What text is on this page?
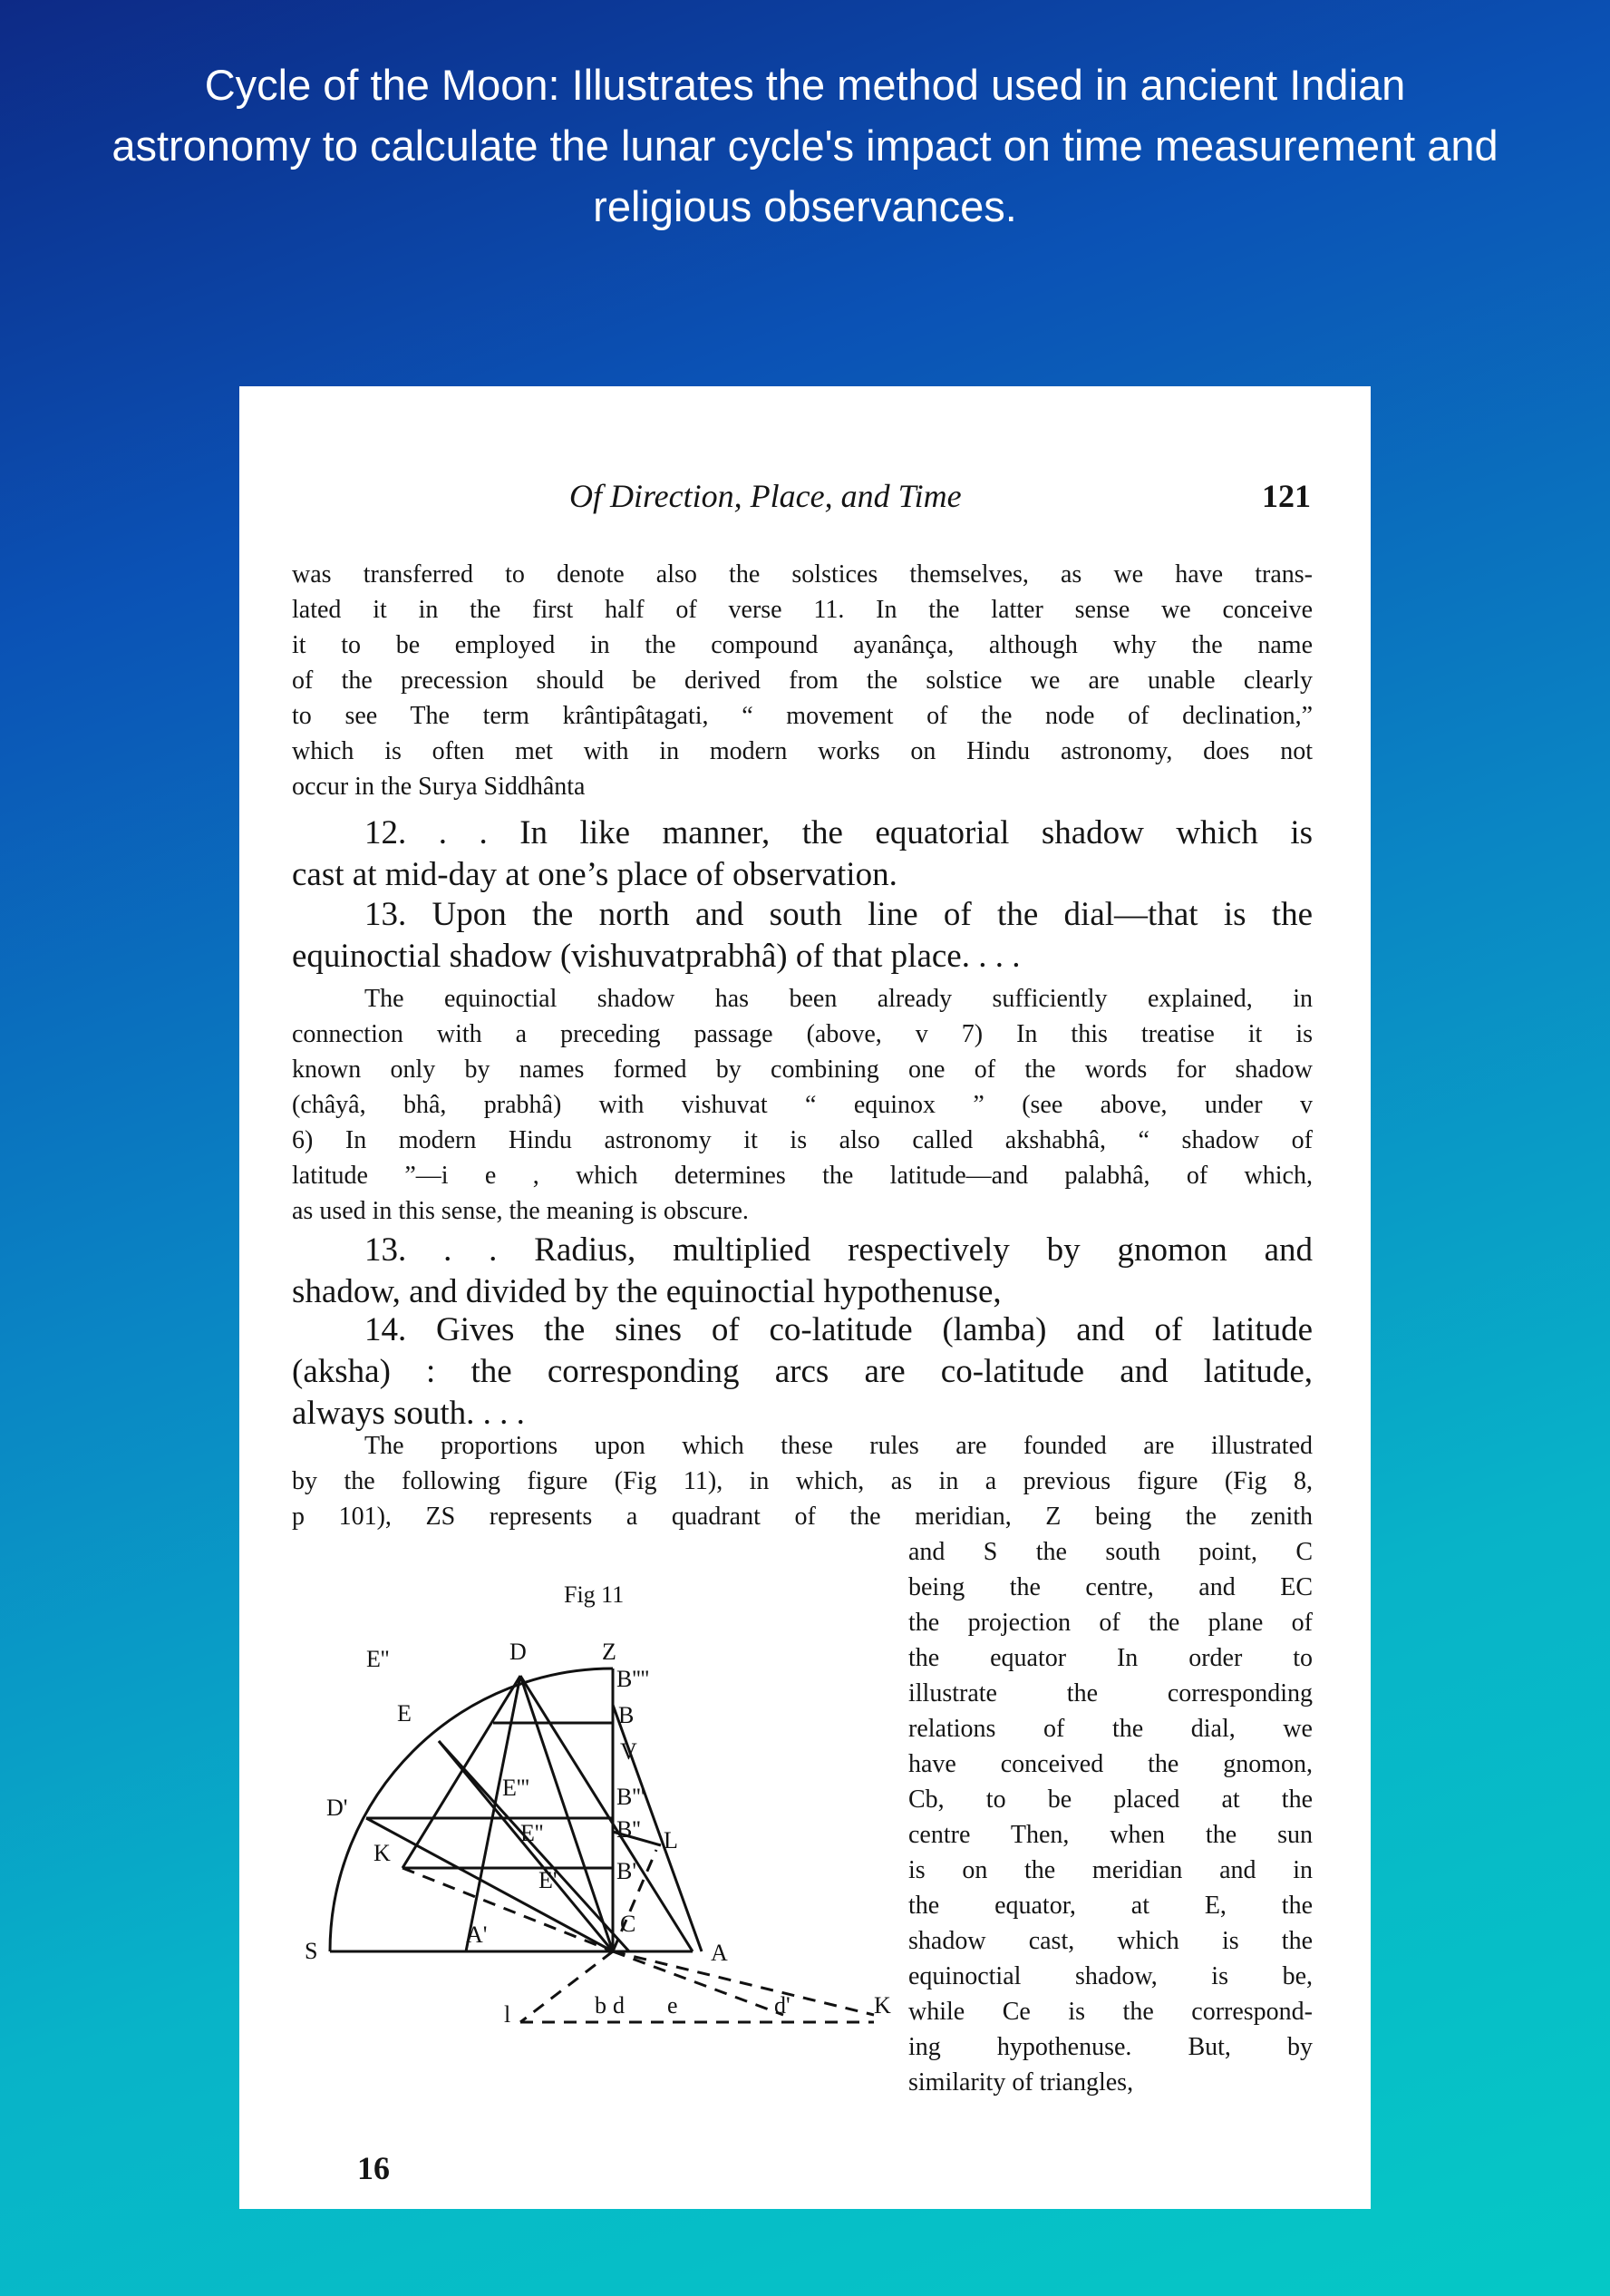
Cycle of the Moon: Illustrates the method used in ancient Indian astronomy to calculate the lunar cycle's impact on time measurement and religious observances.
Of Direction, Place, and Time	121
was transferred to denote also the solstices themselves, as we have trans-
lated it in the first half of verse 11. In the latter sense we conceive
it to be employed in the compound ayanânça, although why the name
of the precession should be derived from the solstice we are unable clearly
to see The term krântipâtagati, “ movement of the node of declination,”
which is often met with in modern works on Hindu astronomy, does not
occur in the Surya Siddhânta
12. . . In like manner, the equatorial shadow which is
cast at mid-day at one’s place of observation.
13. Upon the north and south line of the dial—that is the
equinoctial shadow (vishuvatprabhâ) of that place. . . .
The equinoctial shadow has been already sufficiently explained, in
connection with a preceding passage (above, v 7) In this treatise it is
known only by names formed by combining one of the words for shadow
(châyâ, bhâ, prabhâ) with vishuvat “ equinox ” (see above, under v
6) In modern Hindu astronomy it is also called akshabhâ, “ shadow of
latitude ”—i e , which determines the latitude—and palabhâ, of which,
as used in this sense, the meaning is obscure.
13. . . Radius, multiplied respectively by gnomon and
shadow, and divided by the equinoctial hypothenuse,
14. Gives the sines of co-latitude (lamba) and of latitude
(aksha) : the corresponding arcs are co-latitude and latitude,
always south. . . .
The proportions upon which these rules are founded are illustrated
by the following figure (Fig 11), in which, as in a previous figure (Fig 8,
p 101), ZS represents a quadrant of the meridian, Z being the zenith
and S the south point, C
being the centre, and EC
the projection of the plane of
the equator In order to
illustrate the corresponding
relations of the dial, we
have conceived the gnomon,
Cb, to be placed at the
centre Then, when the sun
is on the meridian and in
the equator, at E, the
shadow cast, which is the
equinoctial shadow, is be,
while Ce is the correspond-
ing hypothenuse. But, by
similarity of triangles,
Fig 11
Z
D
E''
E
D'
E'''
E''
E'
K
S
A'
A
B''''
B
V
B'''
B''
B'
L
C
l	b d e	d'	K
16
